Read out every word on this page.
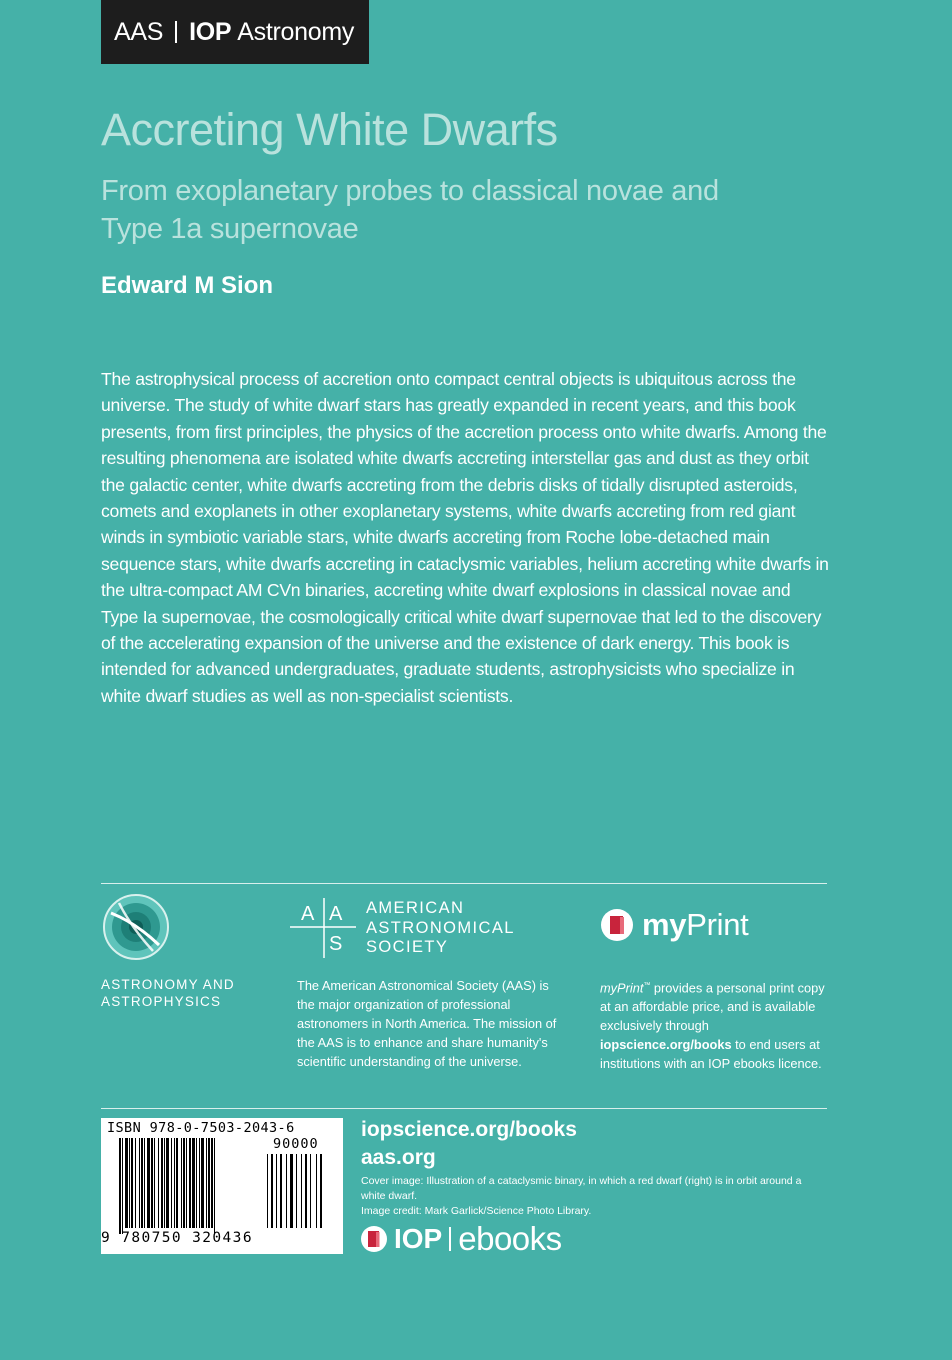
AAS IOP Astronomy
Accreting White Dwarfs
From exoplanetary probes to classical novae and Type 1a supernovae
Edward M Sion
The astrophysical process of accretion onto compact central objects is ubiquitous across the universe. The study of white dwarf stars has greatly expanded in recent years, and this book presents, from first principles, the physics of the accretion process onto white dwarfs. Among the resulting phenomena are isolated white dwarfs accreting interstellar gas and dust as they orbit the galactic center, white dwarfs accreting from the debris disks of tidally disrupted asteroids, comets and exoplanets in other exoplanetary systems, white dwarfs accreting from red giant winds in symbiotic variable stars, white dwarfs accreting from Roche lobe-detached main sequence stars, white dwarfs accreting in cataclysmic variables, helium accreting white dwarfs in the ultra-compact AM CVn binaries, accreting white dwarf explosions in classical novae and Type Ia supernovae, the cosmologically critical white dwarf supernovae that led to the discovery of the accelerating expansion of the universe and the existence of dark energy. This book is intended for advanced undergraduates, graduate students, astrophysicists who specialize in white dwarf studies as well as non-specialist scientists.
ASTRONOMY AND
ASTROPHYSICS
A A
S
AMERICAN
ASTRONOMICAL
SOCIETY
The American Astronomical Society (AAS) is the major organization of professional astronomers in North America. The mission of the AAS is to enhance and share humanity's scientific understanding of the universe.
myPrint
myPrint™ provides a personal print copy at an affordable price, and is available exclusively through iopscience.org/books to end users at institutions with an IOP ebooks licence.
ISBN 978-0-7503-2043-6
90000
9 780750 320436
iopscience.org/books
aas.org
Cover image: Illustration of a cataclysmic binary, in which a red dwarf (right) is in orbit around a white dwarf.
Image credit: Mark Garlick/Science Photo Library.
IOP ebooks
